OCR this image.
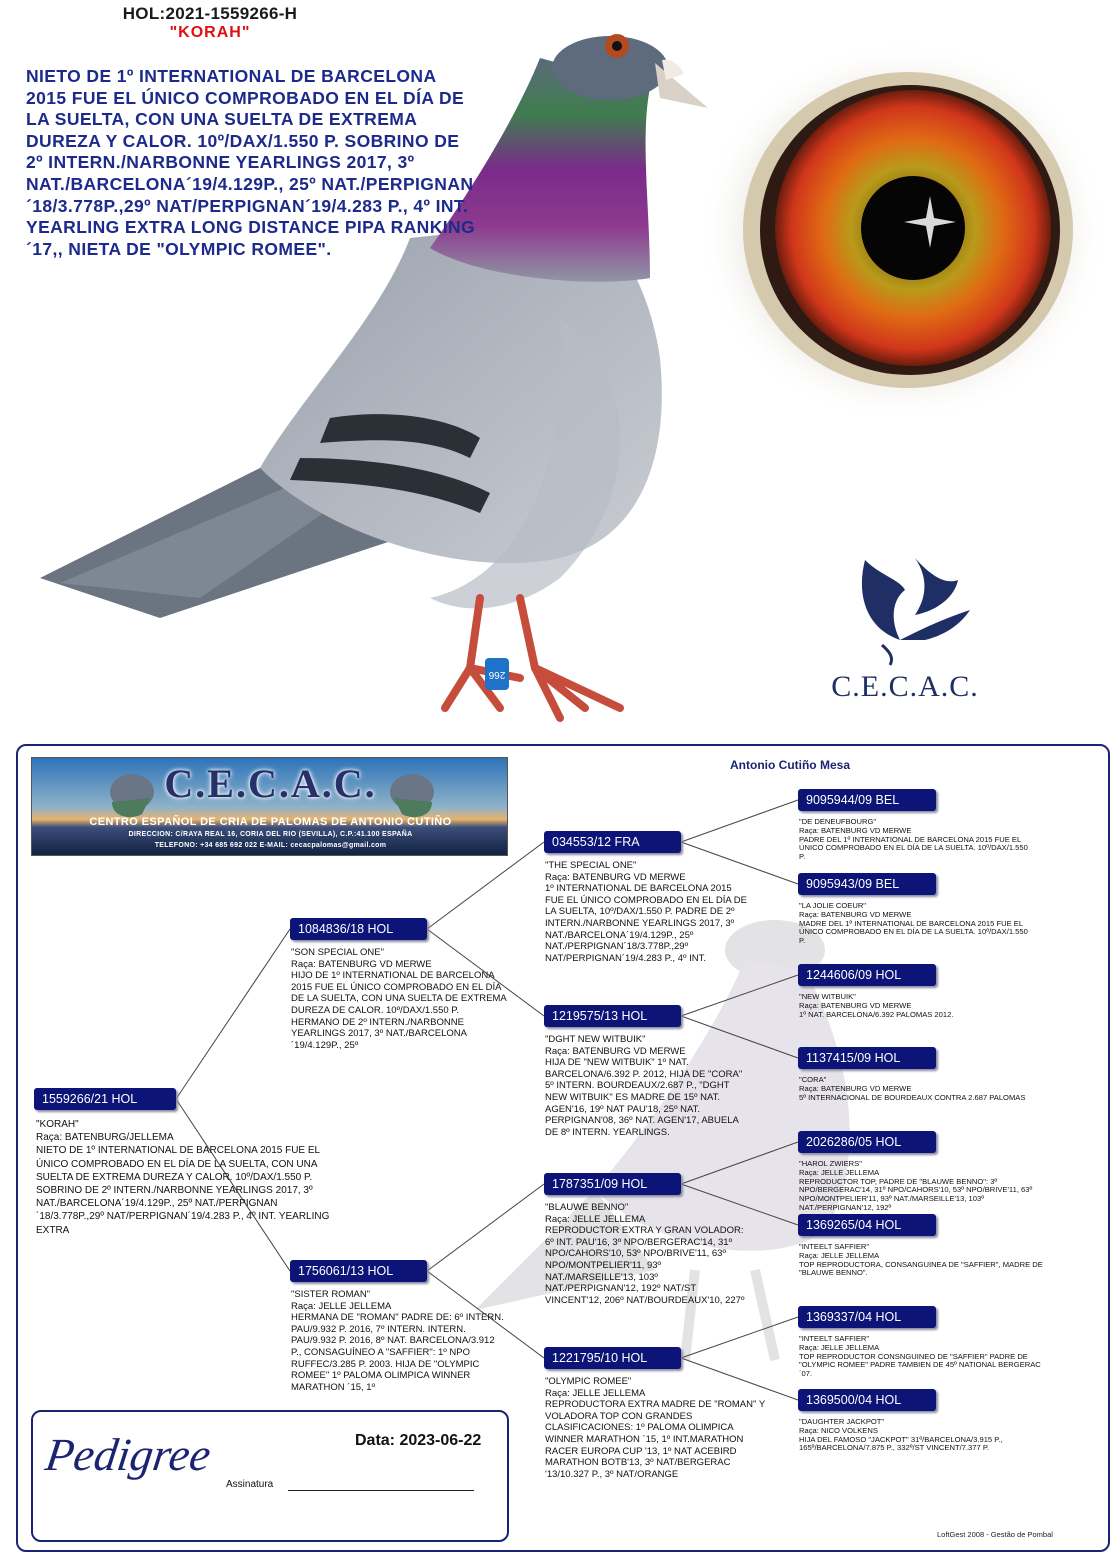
266
HOL:2021-1559266-H
"KORAH"
NIETO DE 1º INTERNATIONAL DE BARCELONA 2015 FUE EL ÚNICO COMPROBADO EN EL DÍA DE LA SUELTA, CON UNA SUELTA DE EXTREMA DUREZA Y CALOR. 10º/DAX/1.550 P. SOBRINO DE 2º INTERN./NARBONNE YEARLINGS 2017, 3º NAT./BARCELONA´19/4.129P., 25º NAT./PERPIGNAN´18/3.778P.,29º NAT/PERPIGNAN´19/4.283 P., 4º INT. YEARLING EXTRA LONG DISTANCE PIPA RANKING´17,, NIETA DE "OLYMPIC ROMEE".
C.E.C.A.C.
Antonio Cutiño Mesa
C.E.C.A.C.
CENTRO ESPAÑOL DE CRIA DE PALOMAS DE ANTONIO CUTIÑO
DIRECCION: C/RAYA REAL 16, CORIA DEL RIO (SEVILLA), C.P.:41.100 ESPAÑA
TELEFONO: +34 685 692 022 E-MAIL: cecacpalomas@gmail.com
1559266/21 HOL
"KORAH"
Raça: BATENBURG/JELLEMA
NIETO DE 1º INTERNATIONAL DE BARCELONA 2015 FUE EL ÚNICO COMPROBADO EN EL DÍA DE LA SUELTA, CON UNA SUELTA DE EXTREMA DUREZA Y CALOR. 10º/DAX/1.550 P. SOBRINO DE 2º INTERN./NARBONNE YEARLINGS 2017, 3º NAT./BARCELONA´19/4.129P., 25º NAT./PERPIGNAN´18/3.778P.,29º NAT/PERPIGNAN´19/4.283 P., 4º INT. YEARLING EXTRA
1084836/18 HOL
"SON SPECIAL ONE"
Raça: BATENBURG VD MERWE
HIJO DE 1º INTERNATIONAL DE BARCELONA 2015 FUE EL ÚNICO COMPROBADO EN EL DÍA DE LA SUELTA, CON UNA SUELTA DE EXTREMA DUREZA DE CALOR. 10º/DAX/1.550 P. HERMANO DE 2º INTERN./NARBONNE YEARLINGS 2017, 3º NAT./BARCELONA´19/4.129P., 25º
1756061/13 HOL
"SISTER ROMAN"
Raça: JELLE JELLEMA
HERMANA DE "ROMAN" PADRE DE: 6º INTERN. PAU/9.932 P. 2016, 7º INTERN. INTERN. PAU/9.932 P. 2016, 8º NAT. BARCELONA/3.912 P., CONSAGUÍNEO A "SAFFIER": 1º NPO RUFFEC/3.285 P. 2003. HIJA DE "OLYMPIC ROMEE" 1º PALOMA OLIMPICA WINNER MARATHON ´15, 1º
034553/12 FRA
"THE SPECIAL ONE"
Raça: BATENBURG VD MERWE
1º INTERNATIONAL DE BARCELONA 2015 FUE EL ÚNICO COMPROBADO EN EL DÍA DE LA SUELTA, 10º/DAX/1.550 P. PADRE DE 2º INTERN./NARBONNE YEARLINGS 2017, 3º NAT./BARCELONA´19/4.129P., 25º NAT./PERPIGNAN´18/3.778P.,29º NAT/PERPIGNAN´19/4.283 P., 4º INT.
1219575/13 HOL
"DGHT NEW WITBUIK"
Raça: BATENBURG VD MERWE
HIJA DE "NEW WITBUIK" 1º NAT. BARCELONA/6.392 P. 2012, HIJA DE "CORA" 5º INTERN. BOURDEAUX/2.687 P., "DGHT NEW WITBUIK" ES MADRE DE 15º NAT. AGEN'16, 19º NAT PAU'18, 25º NAT. PERPIGNAN'08, 36º NAT. AGEN'17, ABUELA DE 8º INTERN. YEARLINGS.
1787351/09 HOL
"BLAUWE BENNO"
Raça: JELLE JELLEMA
REPRODUCTOR EXTRA Y GRAN VOLADOR: 6º INT. PAU'16, 3º NPO/BERGERAC'14, 31º NPO/CAHORS'10, 53º NPO/BRIVE'11, 63º NPO/MONTPELIER'11, 93º NAT./MARSEILLE'13, 103º NAT./PERPIGNAN'12, 192º NAT/ST VINCENT'12, 206º NAT/BOURDEAUX'10, 227º
1221795/10 HOL
"OLYMPIC ROMEE"
Raça: JELLE JELLEMA
REPRODUCTORA EXTRA MADRE DE "ROMAN" Y VOLADORA TOP CON GRANDES CLASIFICACIONES: 1º PALOMA OLIMPICA WINNER MARATHON ´15, 1º INT.MARATHON RACER EUROPA CUP '13, 1º NAT ACEBIRD MARATHON BOTB'13, 3º NAT/BERGERAC '13/10.327 P., 3º NAT/ORANGE
9095944/09 BEL
"DE DENEUFBOURG"
Raça: BATENBURG VD MERWE
PADRE DEL 1º INTERNATIONAL DE BARCELONA 2015 FUE EL ÚNICO COMPROBADO EN EL DÍA DE LA SUELTA. 10º/DAX/1.550 P.
9095943/09 BEL
"LA JOLIE COEUR"
Raça: BATENBURG VD MERWE
MADRE DEL 1º INTERNATIONAL DE BARCELONA 2015 FUE EL ÚNICO COMPROBADO EN EL DÍA DE LA SUELTA. 10º/DAX/1.550 P.
1244606/09 HOL
"NEW WITBUIK"
Raça: BATENBURG VD MERWE
1º NAT. BARCELONA/6.392 PALOMAS 2012.
1137415/09 HOL
"CORA"
Raça: BATENBURG VD MERWE
5º INTERNACIONAL DE BOURDEAUX CONTRA 2.687 PALOMAS
2026286/05 HOL
"HAROL ZWIERS"
Raça: JELLE JELLEMA
REPRODUCTOR TOP, PADRE DE "BLAUWE BENNO": 3º NPO/BERGERAC'14, 31º NPO/CAHORS'10, 53º NPO/BRIVE'11, 63º NPO/MONTPELIER'11, 93º NAT./MARSEILLE'13, 103º NAT./PERPIGNAN'12, 192º
1369265/04 HOL
"INTEELT SAFFIER"
Raça: JELLE JELLEMA
TOP REPRODUCTORA, CONSANGUINEA DE "SAFFIER", MADRE DE "BLAUWE BENNO".
1369337/04 HOL
"INTEELT SAFFIER"
Raça: JELLE JELLEMA
TOP REPRODUCTOR CONSNGUINEO DE "SAFFIER" PADRE DE "OLYMPIC ROMEE" PADRE TAMBIEN DE 45º NATIONAL BERGERAC´07.
1369500/04 HOL
"DAUGHTER JACKPOT"
Raça: NICO VOLKENS
HIJA DEL FAMOSO "JACKPOT" 31º/BARCELONA/3.915 P., 165º/BARCELONA/7.875 P., 332º/ST VINCENT/7.377 P.
Pedigree	Data: 2023-06-22
Assinatura
LoftGest 2008 - Gestão de Pombal
